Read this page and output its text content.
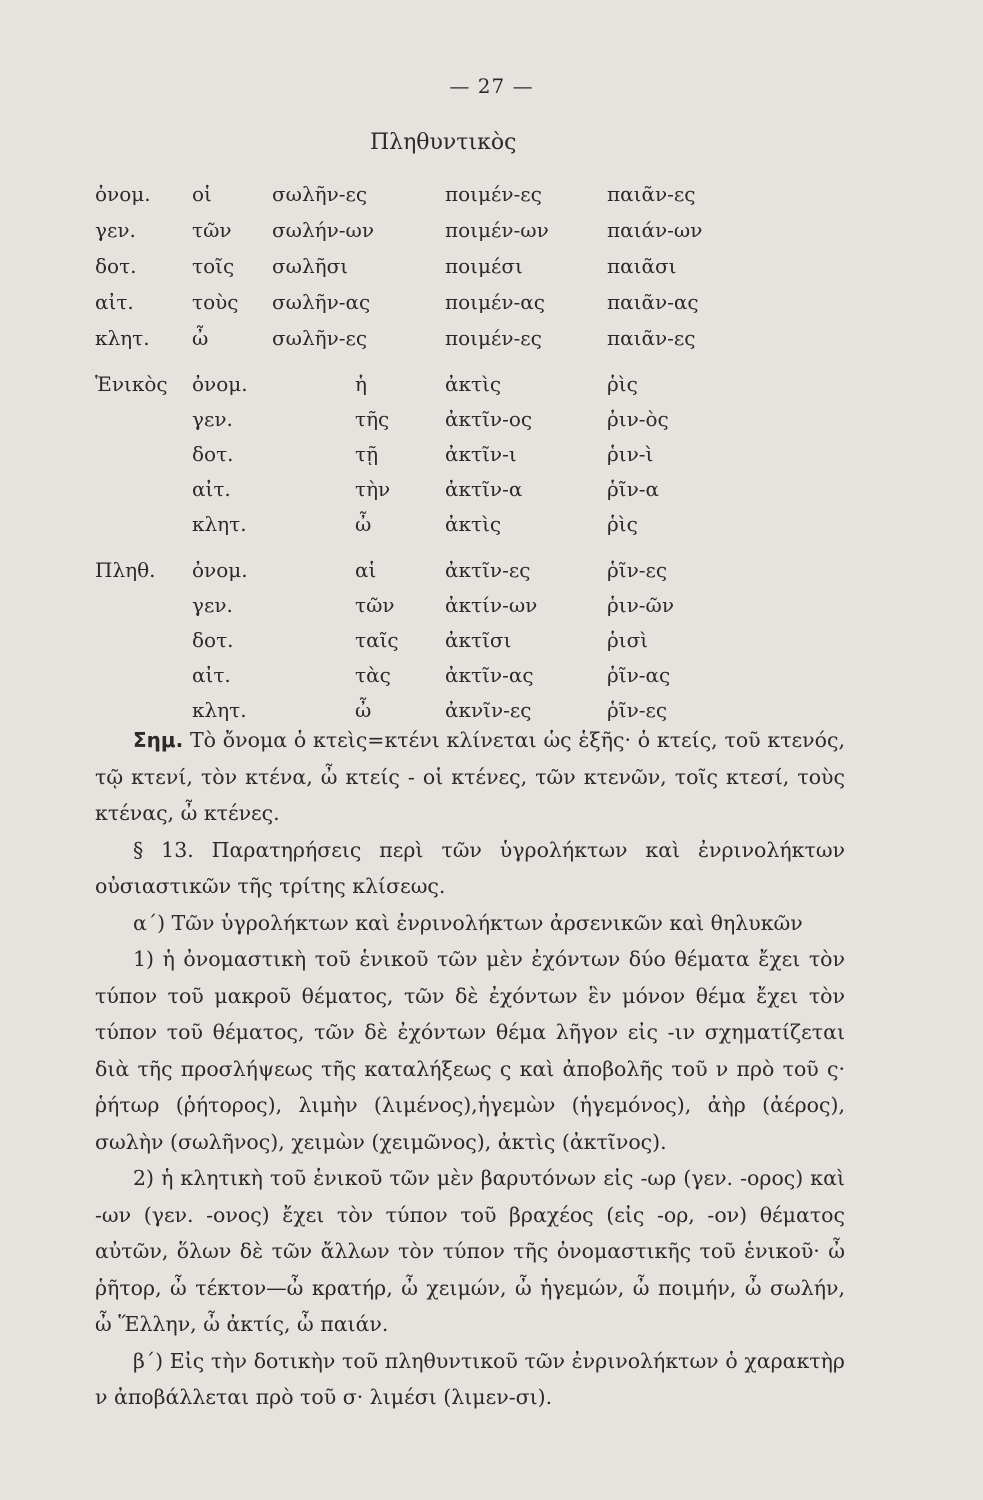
— 27 —
Πληθυντικὸς
ὀνομ. οἱ	σωλῆν-ες	ποιμέν-ες	παιᾶν-ες
γεν.	τῶν σωλήν-ων	ποιμέν-ων	παιάν-ων
δοτ.	τοῖς σωλῆσι	ποιμέσι	παιᾶσι
αἰτ.	τοὺς σωλῆν-ας	ποιμέν-ας	παιᾶν-ας
κλητ. ὦ	σωλῆν-ες	ποιμέν-ες	παιᾶν-ες
Ἑνικὸς ὀνομ.	ἡ	ἀκτὶς	ῥὶς
γεν.	τῆς	ἀκτῖν-ος	ῥιν-ὸς
δοτ.	τῇ	ἀκτῖν-ι	ῥιν-ὶ
αἰτ.	τὴν	ἀκτῖν-α	ῥῖν-α
κλητ.	ὦ	ἀκτὶς	ῥὶς
Πληθ. ὀνομ.	αἱ	ἀκτῖν-ες	ῥῖν-ες
γεν.	τῶν	ἀκτίν-ων	ῥιν-ῶν
δοτ.	ταῖς ἀκτῖσι	ῥισὶ
αἰτ.	τὰς	ἀκτῖν-ας	ῥῖν-ας
κλητ.	ὦ	ἀκνῖν-ες	ῥῖν-ες

Σημ. Τὸ ὄνομα ὁ κτεὶς=κτένι κλίνεται ὡς ἑξῆς· ὁ κτείς, τοῦ κτενός, τῷ κτενί, τὸν κτένα, ὦ κτείς - οἱ κτένες, τῶν κτενῶν, τοῖς κτεσί, τοὺς κτένας, ὦ κτένες.

§ 13. Παρατηρήσεις περὶ τῶν ὑγρολήκτων καὶ ἐνρινολήκτων οὐσιαστικῶν τῆς τρίτης κλίσεως.

α΄) Τῶν ὑγρολήκτων καὶ ἐνρινολήκτων ἀρσενικῶν καὶ θηλυκῶν

1) ἡ ὀνομαστικὴ τοῦ ἑνικοῦ τῶν μὲν ἐχόντων δύο θέματα ἔχει τὸν τύπον τοῦ μακροῦ θέματος, τῶν δὲ ἐχόντων ἓν μόνον θέμα ἔχει τὸν τύπον τοῦ θέματος, τῶν δὲ ἐχόντων θέμα λῆγον εἰς -ιν σχηματίζεται διὰ τῆς προσλήψεως τῆς καταλήξεως ς καὶ ἀποβολῆς τοῦ ν πρὸ τοῦ ς· ῥήτωρ (ῥήτορος), λιμὴν (λιμένος),ἡγεμὼν (ἡγεμόνος), ἀὴρ (ἀέρος), σωλὴν (σωλῆνος), χειμὼν (χειμῶνος), ἀκτὶς (ἀκτῖνος).

2) ἡ κλητικὴ τοῦ ἑνικοῦ τῶν μὲν βαρυτόνων εἰς -ωρ (γεν. -ορος) καὶ -ων (γεν. -ονος) ἔχει τὸν τύπον τοῦ βραχέος (εἰς -ορ, -ον) θέματος αὐτῶν, ὅλων δὲ τῶν ἄλλων τὸν τύπον τῆς ὀνομαστικῆς τοῦ ἑνικοῦ· ὦ ῥῆτορ, ὦ τέκτον—ὦ κρατήρ, ὦ χειμών, ὦ ἡγεμών, ὦ ποιμήν, ὦ σωλήν, ὦ Ἕλλην, ὦ ἀκτίς, ὦ παιάν.

β΄) Εἰς τὴν δοτικὴν τοῦ πληθυντικοῦ τῶν ἐνρινολήκτων ὁ χαρακτὴρ ν ἀποβάλλεται πρὸ τοῦ σ· λιμέσι (λιμεν-σι).
